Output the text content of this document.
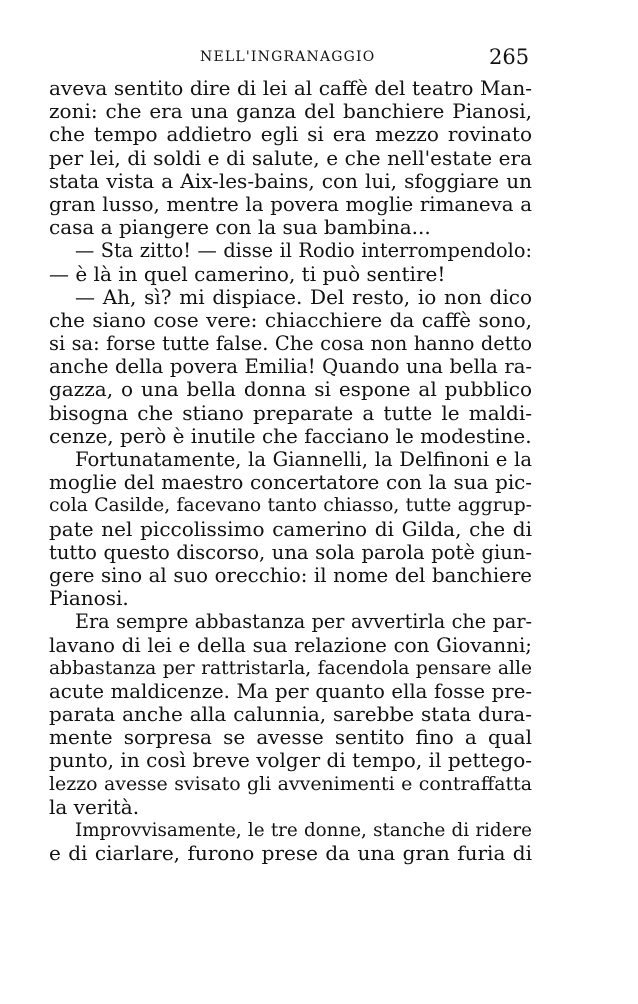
NELL'INGRANAGGIO	265
aveva sentito dire di lei al caffè del teatro Man-
zoni: che era una ganza del banchiere Pianosi,
che tempo addietro egli si era mezzo rovinato
per lei, di soldi e di salute, e che nell'estate era
stata vista a Aix-les-bains, con lui, sfoggiare un
gran lusso, mentre la povera moglie rimaneva a
casa a piangere con la sua bambina...
— Sta zitto! — disse il Rodio interrompendolo:
— è là in quel camerino, ti può sentire!
— Ah, sì? mi dispiace. Del resto, io non dico
che siano cose vere: chiacchiere da caffè sono,
si sa: forse tutte false. Che cosa non hanno detto
anche della povera Emilia! Quando una bella ra-
gazza, o una bella donna si espone al pubblico
bisogna che stiano preparate a tutte le maldi-
cenze, però è inutile che facciano le modestine.
Fortunatamente, la Giannelli, la Delfinoni e la
moglie del maestro concertatore con la sua pic-
cola Casilde, facevano tanto chiasso, tutte aggrup-
pate nel piccolissimo camerino di Gilda, che di
tutto questo discorso, una sola parola potè giun-
gere sino al suo orecchio: il nome del banchiere
Pianosi.
Era sempre abbastanza per avvertirla che par-
lavano di lei e della sua relazione con Giovanni;
abbastanza per rattristarla, facendola pensare alle
acute maldicenze. Ma per quanto ella fosse pre-
parata anche alla calunnia, sarebbe stata dura-
mente sorpresa se avesse sentito fino a qual
punto, in così breve volger di tempo, il pettego-
lezzo avesse svisato gli avvenimenti e contraffatta
la verità.
Improvvisamente, le tre donne, stanche di ridere
e di ciarlare, furono prese da una gran furia di
